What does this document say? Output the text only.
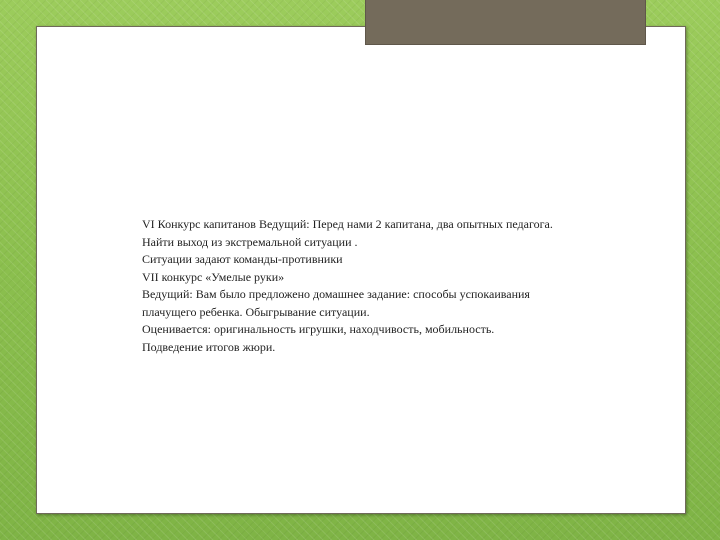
VI Конкурс капитанов Ведущий: Перед нами 2 капитана, два опытных педагога.
Найти выход из экстремальной ситуации .
Ситуации задают команды-противники
VII конкурс «Умелые руки»
Ведущий: Вам было предложено домашнее задание: способы успокаивания
плачущего ребенка. Обыгрывание ситуации.
Оценивается: оригинальность игрушки, находчивость, мобильность.
Подведение итогов жюри.
